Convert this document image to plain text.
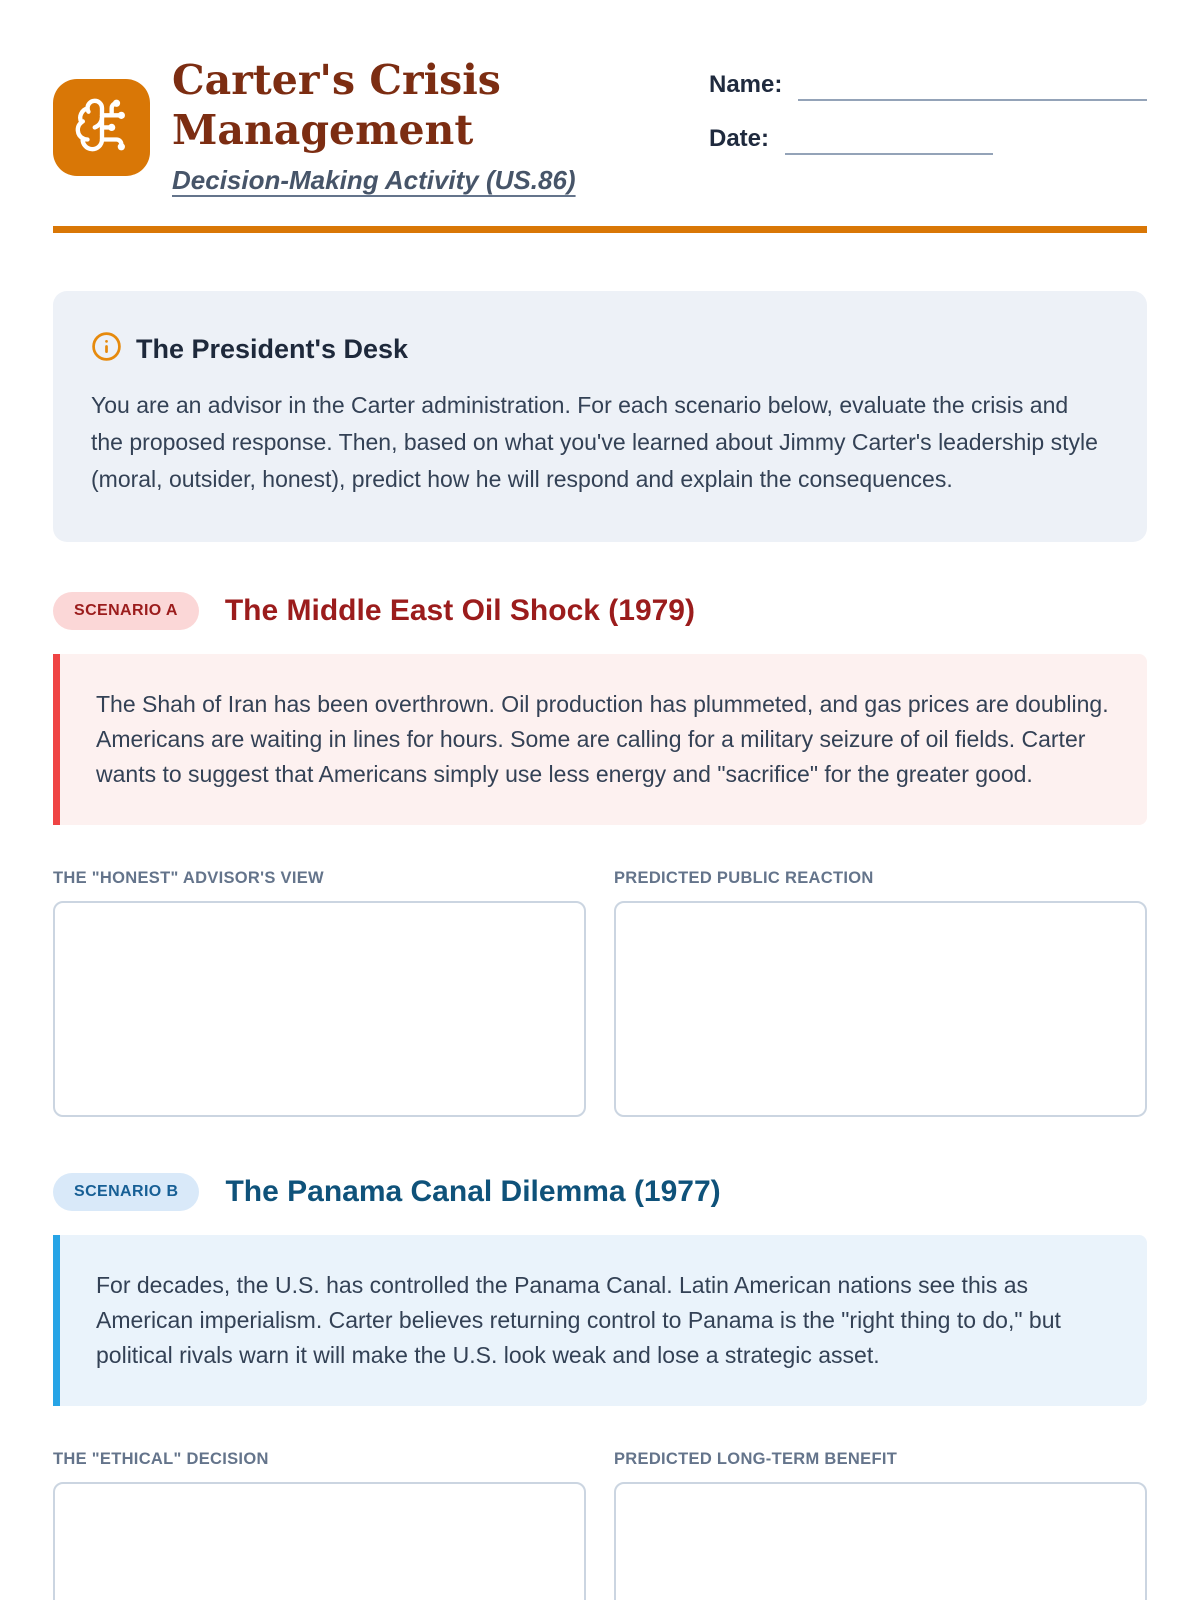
Carter's Crisis Management
Decision-Making Activity (US.86)
Name:
Date:
The President's Desk
You are an advisor in the Carter administration. For each scenario below, evaluate the crisis and the proposed response. Then, based on what you've learned about Jimmy Carter's leadership style (moral, outsider, honest), predict how he will respond and explain the consequences.
SCENARIO A	The Middle East Oil Shock (1979)
The Shah of Iran has been overthrown. Oil production has plummeted, and gas prices are doubling. Americans are waiting in lines for hours. Some are calling for a military seizure of oil fields. Carter wants to suggest that Americans simply use less energy and "sacrifice" for the greater good.
THE "HONEST" ADVISOR'S VIEW	PREDICTED PUBLIC REACTION
SCENARIO B	The Panama Canal Dilemma (1977)
For decades, the U.S. has controlled the Panama Canal. Latin American nations see this as American imperialism. Carter believes returning control to Panama is the "right thing to do," but political rivals warn it will make the U.S. look weak and lose a strategic asset.
THE "ETHICAL" DECISION	PREDICTED LONG-TERM BENEFIT
